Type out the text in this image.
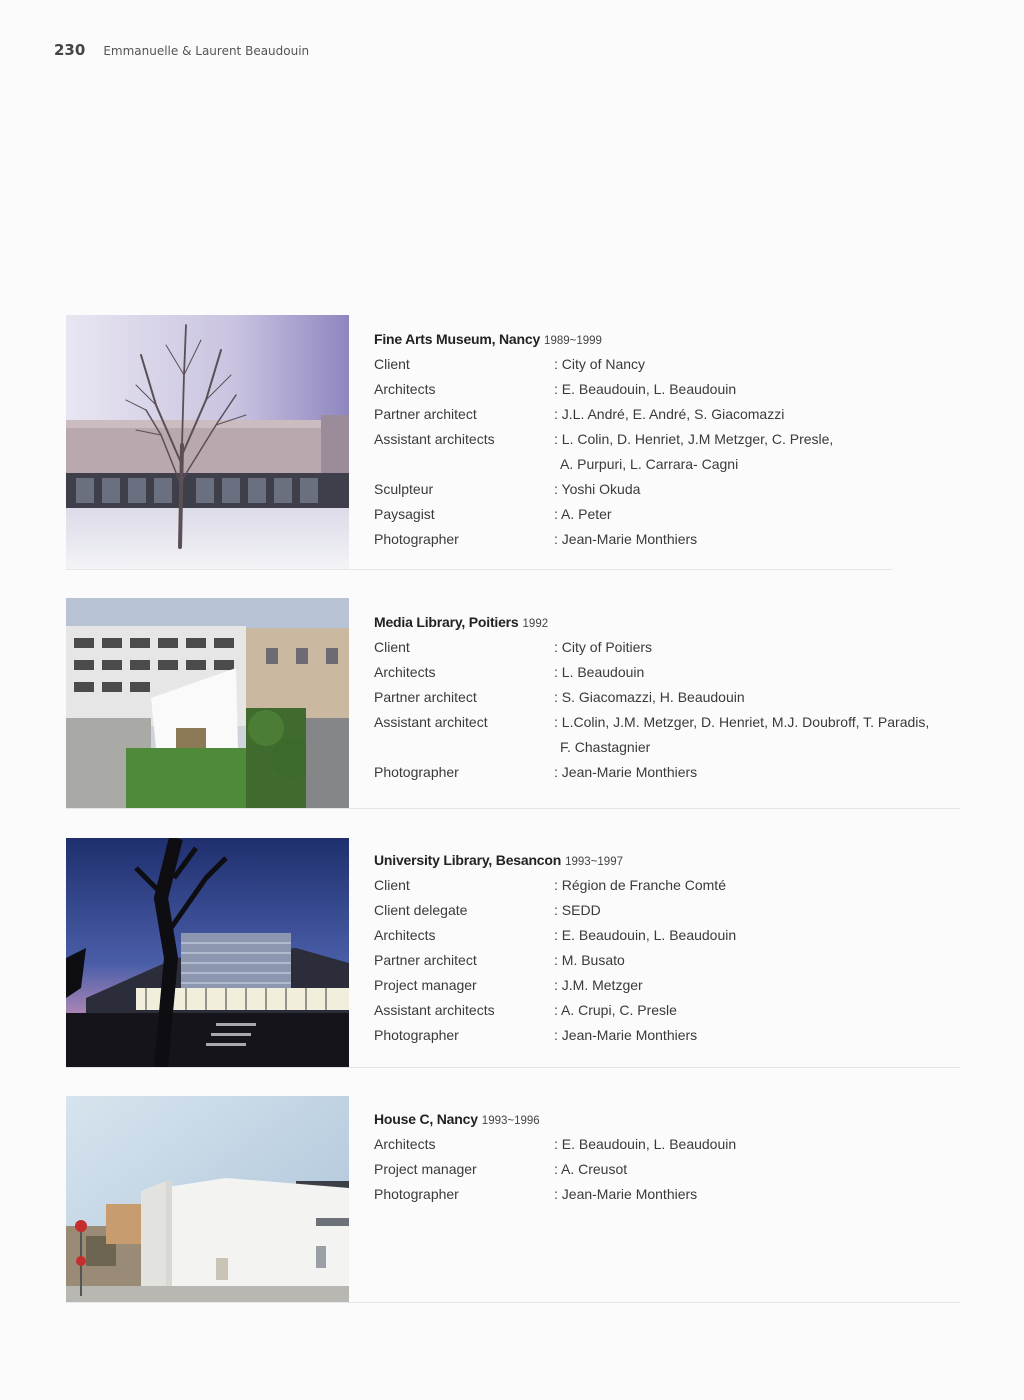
230 Emmanuelle & Laurent Beaudouin
Fine Arts Museum, Nancy 1989~1999
Client	: City of Nancy
Architects	: E. Beaudouin, L. Beaudouin
Partner architect	: J.L. André, E. André, S. Giacomazzi
Assistant architects	: L. Colin, D. Henriet, J.M Metzger, C. Presle,
A. Purpuri, L. Carrara- Cagni
Sculpteur	: Yoshi Okuda
Paysagist	: A. Peter
Photographer	: Jean-Marie Monthiers
Media Library, Poitiers 1992
Client	: City of Poitiers
Architects	: L. Beaudouin
Partner architect	: S. Giacomazzi, H. Beaudouin
Assistant architect	: L.Colin, J.M. Metzger, D. Henriet, M.J. Doubroff, T. Paradis,
F. Chastagnier
Photographer	: Jean-Marie Monthiers
University Library, Besancon 1993~1997
Client	: Région de Franche Comté
Client delegate	: SEDD
Architects	: E. Beaudouin, L. Beaudouin
Partner architect	: M. Busato
Project manager	: J.M. Metzger
Assistant architects	: A. Crupi, C. Presle
Photographer	: Jean-Marie Monthiers
House C, Nancy 1993~1996
Architects	: E. Beaudouin, L. Beaudouin
Project manager	: A. Creusot
Photographer	: Jean-Marie Monthiers
